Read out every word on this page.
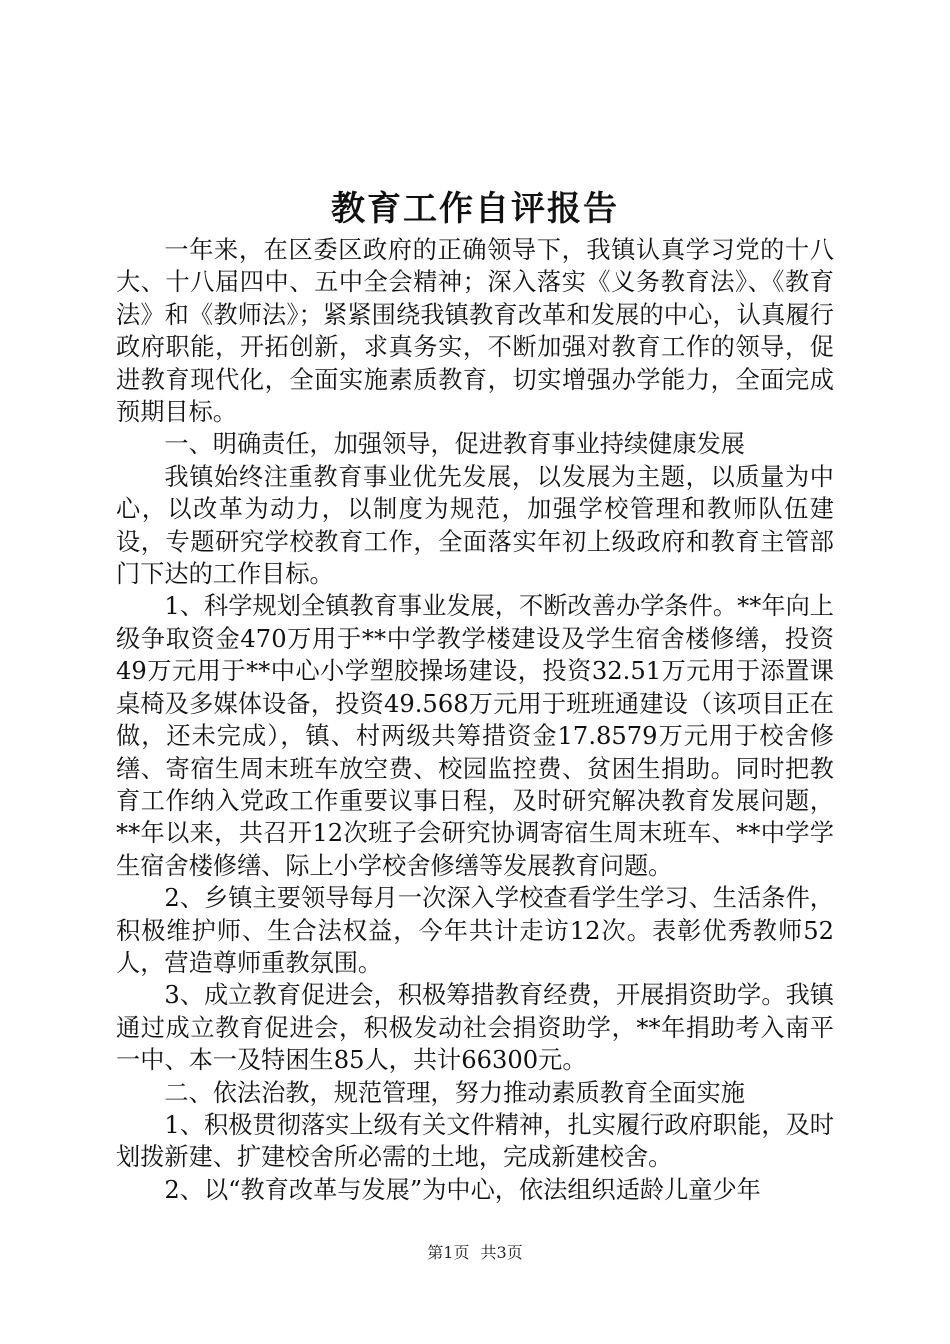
教育工作自评报告

一年来，在区委区政府的正确领导下，我镇认真学习党的十八大、十八届四中、五中全会精神；深入落实《义务教育法》、《教育法》和《教师法》；紧紧围绕我镇教育改革和发展的中心，认真履行政府职能，开拓创新，求真务实，不断加强对教育工作的领导，促进教育现代化，全面实施素质教育，切实增强办学能力，全面完成预期目标。

一、明确责任，加强领导，促进教育事业持续健康发展

我镇始终注重教育事业优先发展，以发展为主题，以质量为中心，以改革为动力，以制度为规范，加强学校管理和教师队伍建设，专题研究学校教育工作，全面落实年初上级政府和教育主管部门下达的工作目标。

1、科学规划全镇教育事业发展，不断改善办学条件。**年向上级争取资金470万用于**中学教学楼建设及学生宿舍楼修缮，投资49万元用于**中心小学塑胶操场建设，投资32.51万元用于添置课桌椅及多媒体设备，投资49.568万元用于班班通建设（该项目正在做，还未完成），镇、村两级共筹措资金17.8579万元用于校舍修缮、寄宿生周末班车放空费、校园监控费、贫困生捐助。同时把教育工作纳入党政工作重要议事日程，及时研究解决教育发展问题，**年以来，共召开12次班子会研究协调寄宿生周末班车、**中学学生宿舍楼修缮、际上小学校舍修缮等发展教育问题。

2、乡镇主要领导每月一次深入学校查看学生学习、生活条件，积极维护师、生合法权益，今年共计走访12次。表彰优秀教师52人，营造尊师重教氛围。

3、成立教育促进会，积极筹措教育经费，开展捐资助学。我镇通过成立教育促进会，积极发动社会捐资助学，**年捐助考入南平一中、本一及特困生85人，共计66300元。

二、依法治教，规范管理，努力推动素质教育全面实施

1、积极贯彻落实上级有关文件精神，扎实履行政府职能，及时划拨新建、扩建校舍所必需的土地，完成新建校舍。

2、以“教育改革与发展”为中心，依法组织适龄儿童少年

第1页 共3页
